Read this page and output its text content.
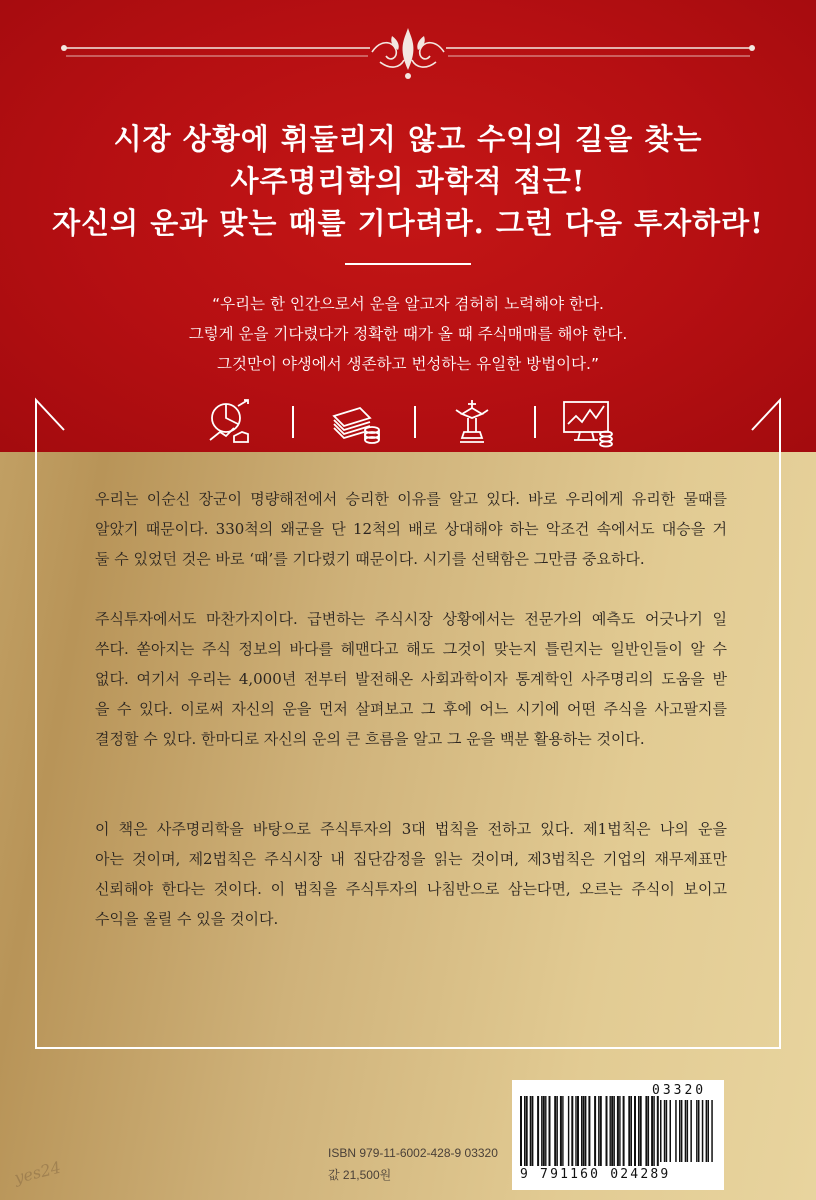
시장 상황에 휘둘리지 않고 수익의 길을 찾는
사주명리학의 과학적 접근!
자신의 운과 맞는 때를 기다려라. 그런 다음 투자하라!
“우리는 한 인간으로서 운을 알고자 겸허히 노력해야 한다.
그렇게 운을 기다렸다가 정확한 때가 올 때 주식매매를 해야 한다.
그것만이 야생에서 생존하고 번성하는 유일한 방법이다.”
우리는 이순신 장군이 명량해전에서 승리한 이유를 알고 있다. 바로 우리에게 유리한 물때를
알았기 때문이다. 330척의 왜군을 단 12척의 배로 상대해야 하는 악조건 속에서도 대승을 거
둘 수 있었던 것은 바로 ‘때’를 기다렸기 때문이다. 시기를 선택함은 그만큼 중요하다.
주식투자에서도 마찬가지이다. 급변하는 주식시장 상황에서는 전문가의 예측도 어긋나기 일
쑤다. 쏟아지는 주식 정보의 바다를 헤맨다고 해도 그것이 맞는지 틀린지는 일반인들이 알 수
없다. 여기서 우리는 4,000년 전부터 발전해온 사회과학이자 통계학인 사주명리의 도움을 받
을 수 있다. 이로써 자신의 운을 먼저 살펴보고 그 후에 어느 시기에 어떤 주식을 사고팔지를
결정할 수 있다. 한마디로 자신의 운의 큰 흐름을 알고 그 운을 백분 활용하는 것이다.
이 책은 사주명리학을 바탕으로 주식투자의 3대 법칙을 전하고 있다. 제1법칙은 나의 운을
아는 것이며, 제2법칙은 주식시장 내 집단감정을 읽는 것이며, 제3법칙은 기업의 재무제표만
신뢰해야 한다는 것이다. 이 법칙을 주식투자의 나침반으로 삼는다면, 오르는 주식이 보이고
수익을 올릴 수 있을 것이다.
ISBN 979-11-6002-428-9 03320
값 21,500원
03320
9 791160 024289
yes24
